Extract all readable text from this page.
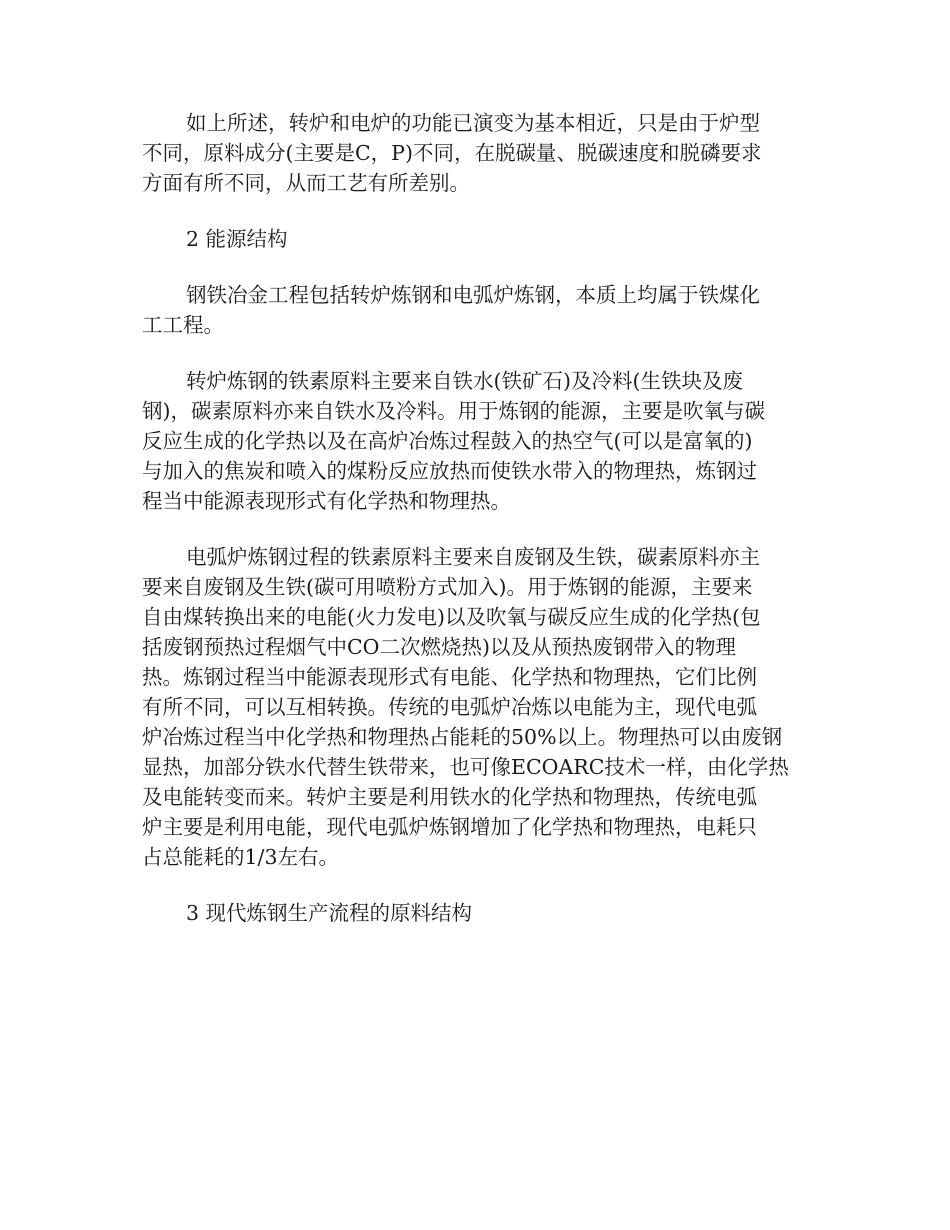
如上所述，转炉和电炉的功能已演变为基本相近，只是由于炉型
不同，原料成分(主要是C，P)不同，在脱碳量、脱碳速度和脱磷要求
方面有所不同，从而工艺有所差别。
2 能源结构
钢铁冶金工程包括转炉炼钢和电弧炉炼钢，本质上均属于铁煤化
工工程。
转炉炼钢的铁素原料主要来自铁水(铁矿石)及冷料(生铁块及废
钢)，碳素原料亦来自铁水及冷料。用于炼钢的能源，主要是吹氧与碳
反应生成的化学热以及在高炉冶炼过程鼓入的热空气(可以是富氧的)
与加入的焦炭和喷入的煤粉反应放热而使铁水带入的物理热，炼钢过
程当中能源表现形式有化学热和物理热。
电弧炉炼钢过程的铁素原料主要来自废钢及生铁，碳素原料亦主
要来自废钢及生铁(碳可用喷粉方式加入)。用于炼钢的能源，主要来
自由煤转换出来的电能(火力发电)以及吹氧与碳反应生成的化学热(包
括废钢预热过程烟气中CO二次燃烧热)以及从预热废钢带入的物理
热。炼钢过程当中能源表现形式有电能、化学热和物理热，它们比例
有所不同，可以互相转换。传统的电弧炉冶炼以电能为主，现代电弧
炉冶炼过程当中化学热和物理热占能耗的50%以上。物理热可以由废钢
显热，加部分铁水代替生铁带来，也可像ECOARC技术一样，由化学热
及电能转变而来。转炉主要是利用铁水的化学热和物理热，传统电弧
炉主要是利用电能，现代电弧炉炼钢增加了化学热和物理热，电耗只
占总能耗的1/3左右。
3 现代炼钢生产流程的原料结构
